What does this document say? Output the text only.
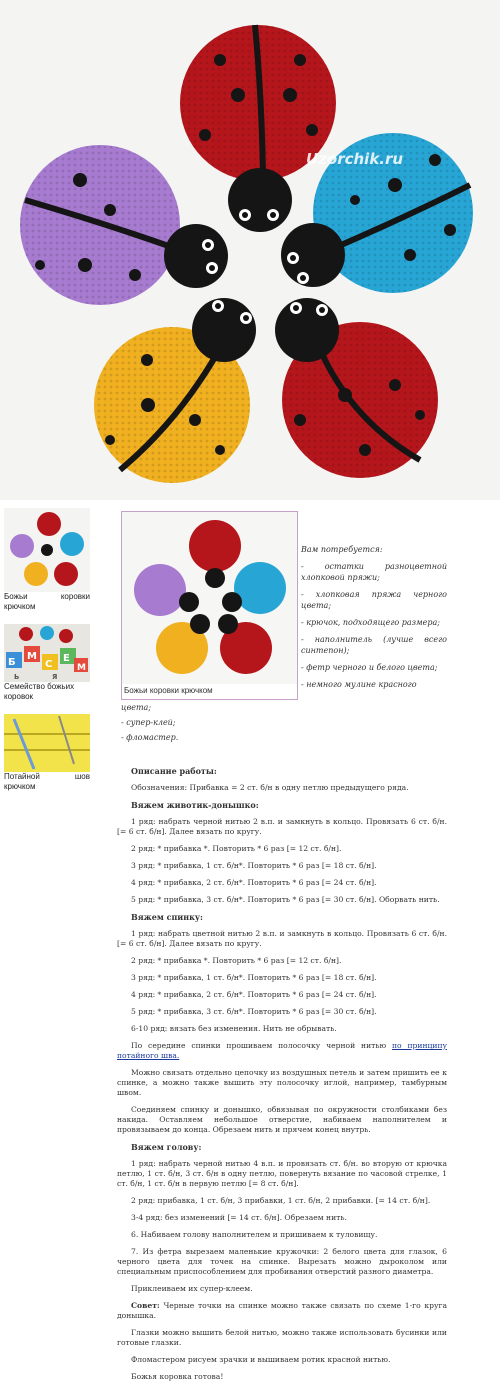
Uzorchik.ru
Божьи коровки крючком
Б
М
С
Е
М
Ь	Я
Семейство божьих коровок
Потайной шов крючком
Божьи коровки крючком

Вам потребуется:

- остатки разноцветной хлопковой пряжи;

- хлопковая пряжа черного цвета;

- крючок, подходящего размера;

- наполнитель (лучше всего синтепон);

- фетр черного и белого цвета;

- немного мулине красного

цвета;

- супер-клей;

- фломастер.

Описание работы:

Обозначения: Прибавка = 2 ст. б/н в одну петлю предыдущего ряда.

Вяжем животик-донышко:

1 ряд: набрать черной нитью 2 в.п. и замкнуть в кольцо. Провязать 6 ст. б/н. [= 6 ст. б/н]. Далее вязать по кругу.

2 ряд: * прибавка *. Повторить * 6 раз [= 12 ст. б/н].

3 ряд: * прибавка, 1 ст. б/н*. Повторить * 6 раз [= 18 ст. б/н].

4 ряд: * прибавка, 2 ст. б/н*. Повторить * 6 раз [= 24 ст. б/н].

5 ряд: * прибавка, 3 ст. б/н*. Повторить * 6 раз [= 30 ст. б/н]. Оборвать нить.

Вяжем спинку:

1 ряд: набрать цветной нитью 2 в.п. и замкнуть в кольцо. Провязать 6 ст. б/н. [= 6 ст. б/н]. Далее вязать по кругу.

2 ряд: * прибавка *. Повторить * 6 раз [= 12 ст. б/н].

3 ряд: * прибавка, 1 ст. б/н*. Повторить * 6 раз [= 18 ст. б/н].

4 ряд: * прибавка, 2 ст. б/н*. Повторить * 6 раз [= 24 ст. б/н].

5 ряд: * прибавка, 3 ст. б/н*. Повторить * 6 раз [= 30 ст. б/н].

6-10 ряд: вязать без изменения. Нить не обрывать.

По середине спинки прошиваем полосочку черной нитью по принципу потайного шва.

Можно связать отдельно цепочку из воздушных петель и затем пришить ее к спинке, а можно также вышить эту полосочку иглой, например, тамбурным швом.

Соединяем спинку и донышко, обвязывая по окружности столбиками без накида. Оставляем небольшое отверстие, набиваем наполнителем и провязываем до конца. Обрезаем нить и прячем конец внутрь.

Вяжем голову:

1 ряд: набрать черной нитью 4 в.п. и провязать ст. б/н. во вторую от крючка петлю, 1 ст. б/н, 3 ст. б/н в одну петлю, повернуть вязание по часовой стрелке, 1 ст. б/н, 1 ст. б/н в первую петлю [= 8 ст. б/н].

2 ряд: прибавка, 1 ст. б/н, 3 прибавки, 1 ст. б/н, 2 прибавки. [= 14 ст. б/н].

3-4 ряд: без изменений [= 14 ст. б/н]. Обрезаем нить.

6. Набиваем голову наполнителем и пришиваем к туловищу.

7. Из фетра вырезаем маленькие кружочки: 2 белого цвета для глазок, 6 черного цвета для точек на спинке. Вырезать можно дыроколом или специальным приспособлением для пробивания отверстий разного диаметра.

Приклеиваем их супер-клеем.

Совет: Черные точки на спинке можно также связать по схеме 1-го круга донышка.

Глазки можно вышить белой нитью, можно также использовать бусинки или готовые глазки.

Фломастером рисуем зрачки и вышиваем ротик красной нитью.

Божья коровка готова!
